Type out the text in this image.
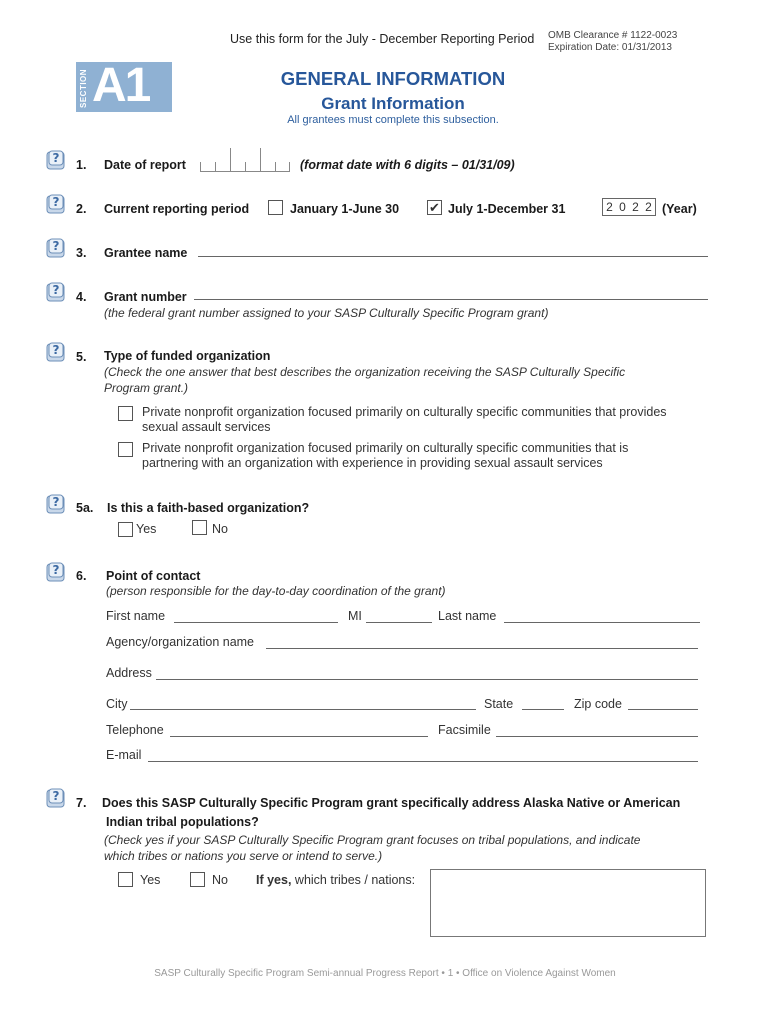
Use this form for the July - December Reporting Period OMB Clearance # 1122-0023
Expiration Date: 01/31/2013
SECTION A1	GENERAL INFORMATION
Grant Information
All grantees must complete this subsection.
? 1. Date of report	(format date with 6 digits – 01/31/09)
? 2. Current reporting period	January 1-June 30 ✔ July 1-December 31	2 0 2 2 (Year)
? 3. Grantee name
? 4. Grant number
(the federal grant number assigned to your SASP Culturally Specific Program grant)
? 5. Type of funded organization
(Check the one answer that best describes the organization receiving the SASP Culturally Specific
Program grant.)
Private nonprofit organization focused primarily on culturally specific communities that provides
sexual assault services
Private nonprofit organization focused primarily on culturally specific communities that is
partnering with an organization with experience in providing sexual assault services
? 5a. Is this a faith-based organization?
Yes	No
? 6. Point of contact
(person responsible for the day-to-day coordination of the grant)
First name	MI	Last name
Agency/organization name
Address
City	State	Zip code
Telephone	Facsimile
E-mail
? 7. Does this SASP Culturally Specific Program grant specifically address Alaska Native or American
Indian tribal populations?
(Check yes if your SASP Culturally Specific Program grant focuses on tribal populations, and indicate
which tribes or nations you serve or intend to serve.)
Yes	No If yes, which tribes / nations:
SASP Culturally Specific Program Semi-annual Progress Report • 1 • Office on Violence Against Women
